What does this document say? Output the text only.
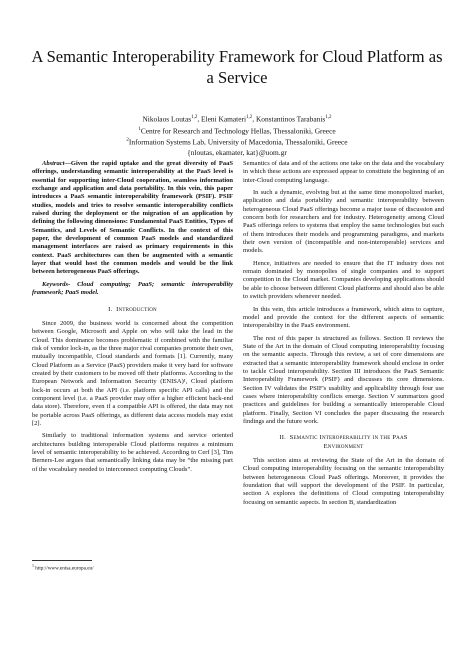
A Semantic Interoperability Framework for Cloud Platform as a Service
Nikolaos Loutas$^{1,2}$, Eleni Kamateri$^{1,2}$, Konstantinos Tarabanis$^{1,2}$
$^1$Centre for Research and Technology Hellas, Thessaloniki, Greece
$^2$Information Systems Lab, University of Macedonia, Thessaloniki, Greece
{nloutas, ekamater, kat}@uom.gr

Abstract—Given the rapid uptake and the great diversity of PaaS offerings, understanding semantic interoperability at the PaaS level is essential for supporting inter-Cloud cooperation, seamless information exchange and application and data portability. In this vein, this paper introduces a PaaS semantic interoperability framework (PSIF). PSIF studies, models and tries to resolve semantic interoperability conflicts raised during the deployment or the migration of an application by defining the following dimensions: Fundamental PaaS Entities, Types of Semantics, and Levels of Semantic Conflicts. In the context of this paper, the development of common PaaS models and standardized management interfaces are raised as primary requirements in this context. PaaS architectures can then be augmented with a semantic layer that would host the common models and would be the link between heterogeneous PaaS offerings.

Keywords- Cloud computing; PaaS; semantic interoperability framework; PaaS model.

I. Introduction

Since 2009, the business world is concerned about the competition between Google, Microsoft and Apple on who will take the lead in the Cloud. This dominance becomes problematic if combined with the familiar risk of vendor lock-in, as the three major rival companies promote their own, mutually incompatible, Cloud standards and formats [1]. Currently, many Cloud Platform as a Service (PaaS) providers make it very hard for software created by their customers to be moved off their platforms. According to the European Network and Information Security (ENISA)¹, Cloud platform lock-in occurs at both the API (i.e. platform specific API calls) and the component level (i.e. a PaaS provider may offer a higher efficient back-end data store). Therefore, even if a compatible API is offered, the data may not be portable across PaaS offerings, as different data access models may exist [2].

Similarly to traditional information systems and service oriented architectures building interoperable Cloud platforms requires a minimum level of semantic interoperability to be achieved. According to Cerf [3], Tim Berners-Lee argues that semantically linking data may be “the missing part of the vocabulary needed to interconnect computing Clouds”.

Semantics of data and of the actions one take on the data and the vocabulary in which these actions are expressed appear to constitute the beginning of an inter-Cloud computing language.

In such a dynamic, evolving but at the same time monopolized market, application and data portability and semantic interoperability between heterogeneous Cloud PaaS offerings become a major issue of discussion and concern both for researchers and for industry. Heterogeneity among Cloud PaaS offerings refers to systems that employ the same technologies but each of them introduces their models and programming paradigms, and markets their own version of (incompatible and non-interoperable) services and models.

Hence, initiatives are needed to ensure that the IT industry does not remain dominated by monopolies of single companies and to support competition in the Cloud market. Companies developing applications should be able to choose between different Cloud platforms and should also be able to switch providers whenever needed.

In this vein, this article introduces a framework, which aims to capture, model and provide the context for the different aspects of semantic interoperability in the PaaS environment.

The rest of this paper is structured as follows. Section II reviews the State of the Art in the domain of Cloud computing interoperability focusing on the semantic aspects. Through this review, a set of core dimensions are extracted that a semantic interoperability framework should enclose in order to tackle Cloud interoperability. Section III introduces the PaaS Semantic Interoperability Framework (PSIF) and discusses its core dimensions. Section IV validates the PSIF's usability and applicability through four use cases where interoperability conflicts emerge. Section V summarizes good practices and guidelines for building a semantically interoperable Cloud platform. Finally, Section VI concludes the paper discussing the research findings and the future work.

II. Semantic Interoperability in the PaaS
Environment

This section aims at reviewing the State of the Art in the domain of Cloud computing interoperability focusing on the semantic interoperability between heterogeneous Cloud PaaS offerings. Moreover, it provides the foundation that will support the development of the PSIF. In particular, section A explores the definitions of Cloud computing interoperability focusing on semantic aspects. In section B, standardization

$^1$ http://www.enisa.europa.eu/
